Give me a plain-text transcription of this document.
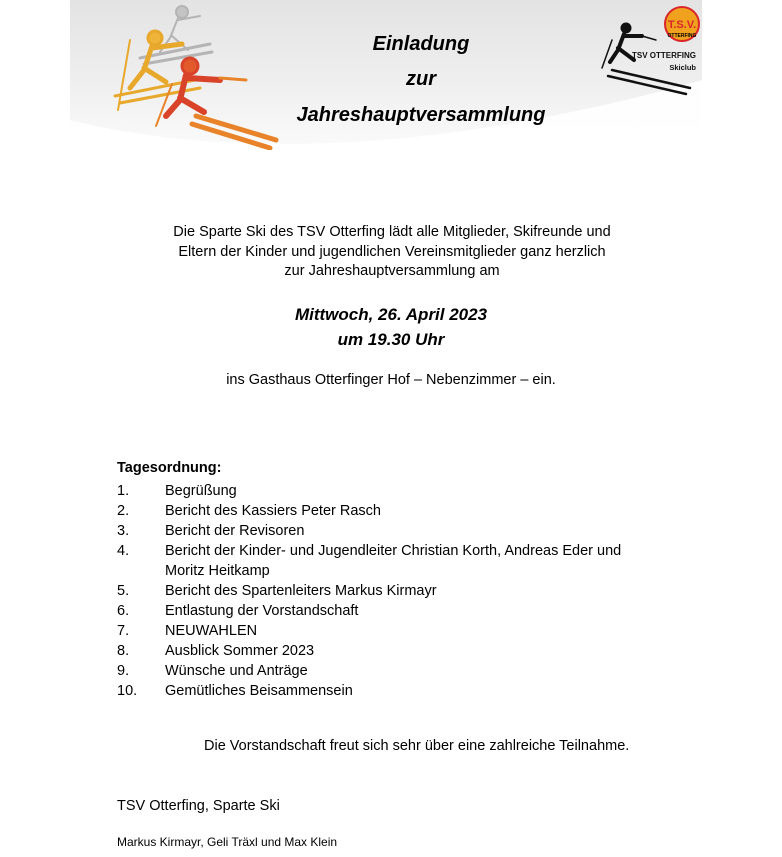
T.S.V.
OTTERFING
TSV OTTERFING
Skiclub
Einladung
zur
Jahreshauptversammlung
Die Sparte Ski des TSV Otterfing lädt alle Mitglieder, Skifreunde und
Eltern der Kinder und jugendlichen Vereinsmitglieder ganz herzlich
zur Jahreshauptversammlung am
Mittwoch, 26. April 2023
um 19.30 Uhr
ins Gasthaus Otterfinger Hof – Nebenzimmer – ein.
Tagesordnung:
1.	Begrüßung
2.	Bericht des Kassiers Peter Rasch
3.	Bericht der Revisoren
4.	Bericht der Kinder- und Jugendleiter Christian Korth, Andreas Eder und Moritz Heitkamp
5.	Bericht des Spartenleiters Markus Kirmayr
6.	Entlastung der Vorstandschaft
7.	NEUWAHLEN
8.	Ausblick Sommer 2023
9.	Wünsche und Anträge
10.	Gemütliches Beisammensein
Die Vorstandschaft freut sich sehr über eine zahlreiche Teilnahme.
TSV Otterfing, Sparte Ski
Markus Kirmayr, Geli Träxl und Max Klein
